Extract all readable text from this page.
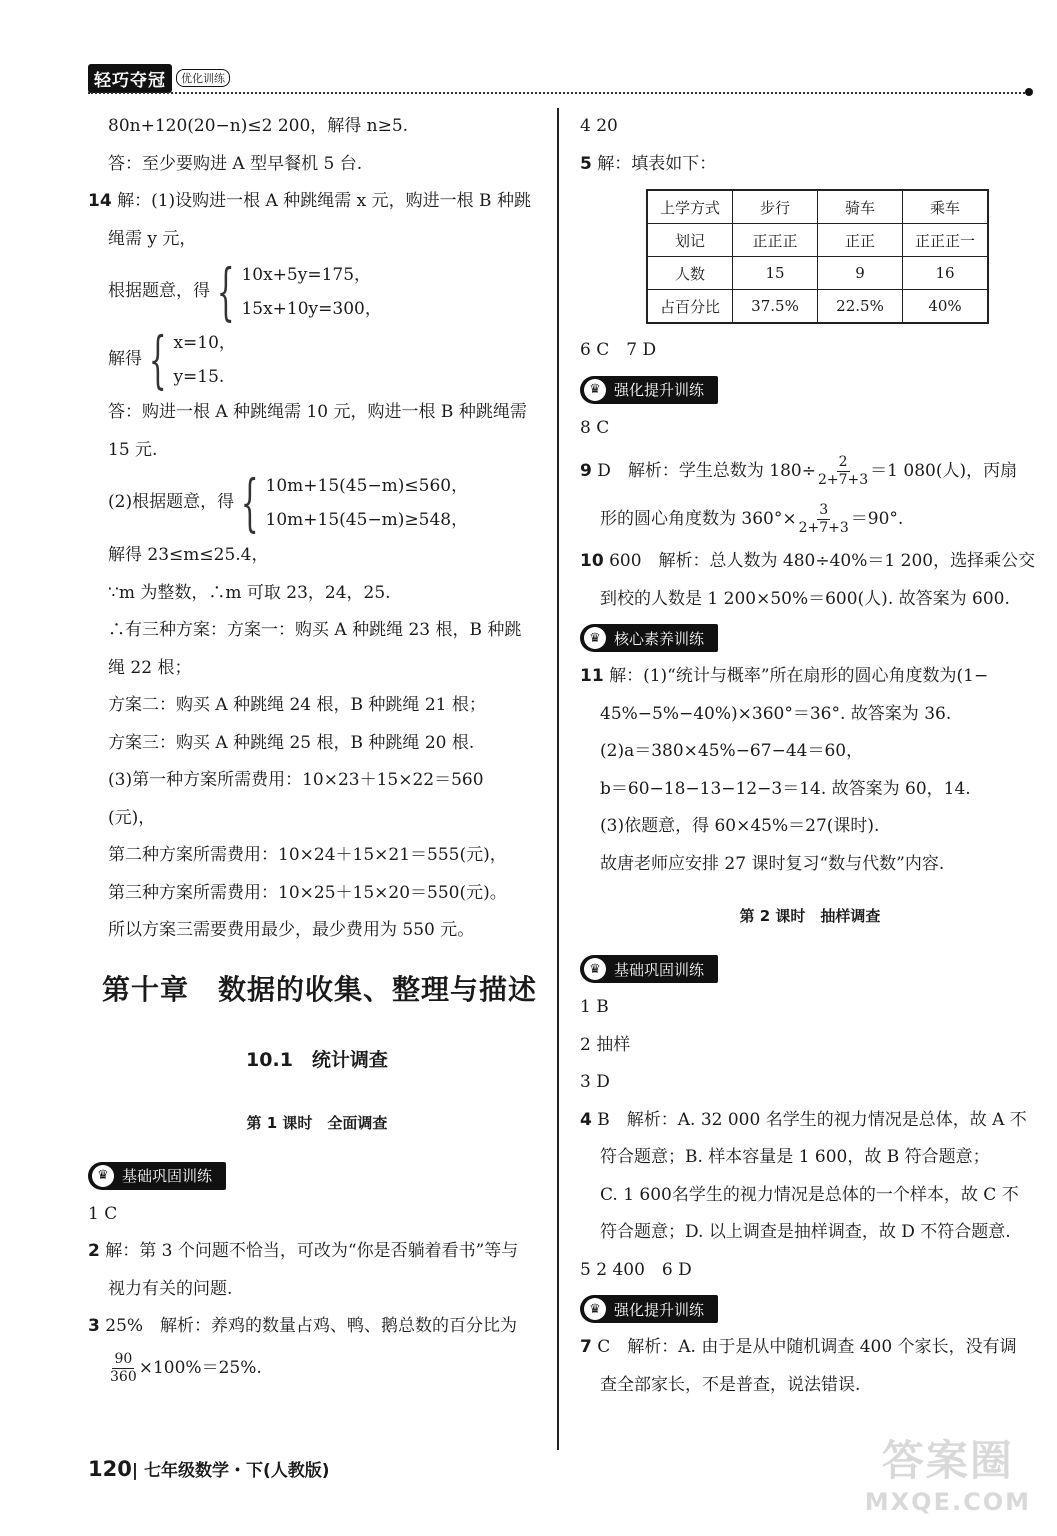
轻巧夺冠	优化训练
80n+120(20−n)≤2 200，解得 n≥5.
答：至少要购进 A 型早餐机 5 台.
14 解：(1)设购进一根 A 种跳绳需 x 元，购进一根 B 种跳
绳需 y 元，
根据题意，得 { 10x+5y=175，
15x+10y=300，
解得 { x=10，
y=15.
答：购进一根 A 种跳绳需 10 元，购进一根 B 种跳绳需
15 元.
(2)根据题意，得 { 10m+15(45−m)≤560，
10m+15(45−m)≥548，
解得 23≤m≤25.4，
∵m 为整数，∴m 可取 23，24，25.
∴有三种方案：方案一：购买 A 种跳绳 23 根，B 种跳
绳 22 根；
方案二：购买 A 种跳绳 24 根，B 种跳绳 21 根；
方案三：购买 A 种跳绳 25 根，B 种跳绳 20 根.
(3)第一种方案所需费用：10×23＋15×22＝560
(元)，
第二种方案所需费用：10×24＋15×21＝555(元)，
第三种方案所需费用：10×25＋15×20＝550(元)。
所以方案三需要费用最少，最少费用为 550 元。
第十章　数据的收集、整理与描述
10.1　统计调查
第 1 课时　全面调查
♛ 基础巩固训练
1 C
2 解：第 3 个问题不恰当，可改为“你是否躺着看书”等与
视力有关的问题.
3 25%　解析：养鸡的数量占鸡、鸭、鹅总数的百分比为
$\frac{90}{360} \times 100\%=25\%$.
4 20
5 解：填表如下：
上学方式	步行	骑车	乘车
划记	正正正	正正	正正正一
人数	15	9	16
占百分比	37.5%	22.5%	40%
6 C　7 D
♛ 强化提升训练
8 C
9 D　解析：学生总数为 $180\div \frac{2}{2+7+3} =1$ 080(人)，丙扇
形的圆心角度数为 $360^\circ\times \frac{3}{2+7+3} =90^\circ$.
10 600　解析：总人数为 480÷40%＝1 200，选择乘公交
到校的人数是 1 200×50%＝600(人). 故答案为 600.
♛ 核心素养训练
11 解：(1)“统计与概率”所在扇形的圆心角度数为(1−
45%−5%−40%)×360°＝36°. 故答案为 36.
(2)a＝380×45%−67−44＝60，
b＝60−18−13−12−3＝14. 故答案为 60，14.
(3)依题意，得 60×45%＝27(课时).
故唐老师应安排 27 课时复习“数与代数”内容.
第 2 课时　抽样调查
♛ 基础巩固训练
1 B
2 抽样
3 D
4 B　解析：A. 32 000 名学生的视力情况是总体，故 A 不
符合题意；B. 样本容量是 1 600，故 B 符合题意；
C. 1 600名学生的视力情况是总体的一个样本，故 C 不
符合题意；D. 以上调查是抽样调查，故 D 不符合题意.
5 2 400　6 D
♛ 强化提升训练
7 C　解析：A. 由于是从中随机调查 400 个家长，没有调
查全部家长，不是普查，说法错误.
120| 七年级数学・下(人教版)	答案圈
MXQE.COM
